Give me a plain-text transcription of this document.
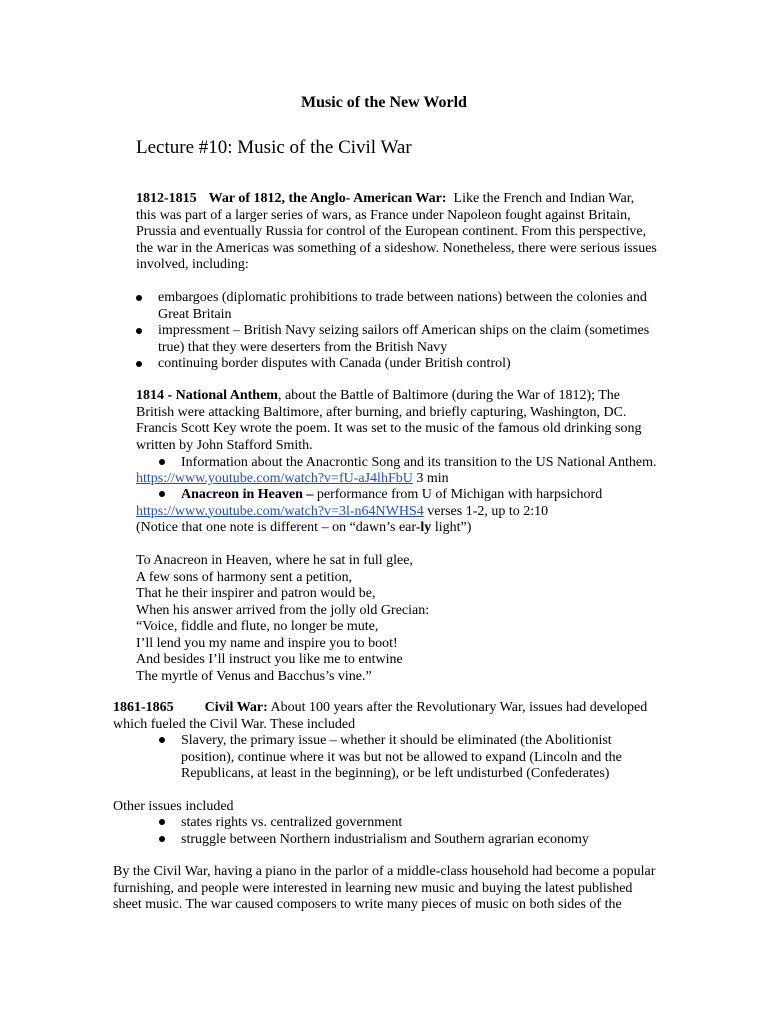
Music of the New World
Lecture #10: Music of the Civil War
1812-1815 War of 1812, the Anglo- American War: Like the French and Indian War,
this was part of a larger series of wars, as France under Napoleon fought against Britain,
Prussia and eventually Russia for control of the European continent. From this perspective,
the war in the Americas was something of a sideshow. Nonetheless, there were serious issues
involved, including:
embargoes (diplomatic prohibitions to trade between nations) between the colonies and
Great Britain
impressment – British Navy seizing sailors off American ships on the claim (sometimes
true) that they were deserters from the British Navy
continuing border disputes with Canada (under British control)
1814 - National Anthem, about the Battle of Baltimore (during the War of 1812); The
British were attacking Baltimore, after burning, and briefly capturing, Washington, DC.
Francis Scott Key wrote the poem. It was set to the music of the famous old drinking song
written by John Stafford Smith.
Information about the Anacrontic Song and its transition to the US National Anthem.
https://www.youtube.com/watch?v=fU-aJ4lhFbU 3 min
Anacreon in Heaven – performance from U of Michigan with harpsichord
https://www.youtube.com/watch?v=3l-n64NWHS4 verses 1-2, up to 2:10
(Notice that one note is different – on “dawn’s ear-ly light”)
To Anacreon in Heaven, where he sat in full glee,
A few sons of harmony sent a petition,
That he their inspirer and patron would be,
When his answer arrived from the jolly old Grecian:
“Voice, fiddle and flute, no longer be mute,
I’ll lend you my name and inspire you to boot!
And besides I’ll instruct you like me to entwine
The myrtle of Venus and Bacchus’s vine.”
1861-1865 Civil War: About 100 years after the Revolutionary War, issues had developed
which fueled the Civil War. These included
Slavery, the primary issue – whether it should be eliminated (the Abolitionist
position), continue where it was but not be allowed to expand (Lincoln and the
Republicans, at least in the beginning), or be left undisturbed (Confederates)
Other issues included
states rights vs. centralized government
struggle between Northern industrialism and Southern agrarian economy
By the Civil War, having a piano in the parlor of a middle-class household had become a popular
furnishing, and people were interested in learning new music and buying the latest published
sheet music. The war caused composers to write many pieces of music on both sides of the
